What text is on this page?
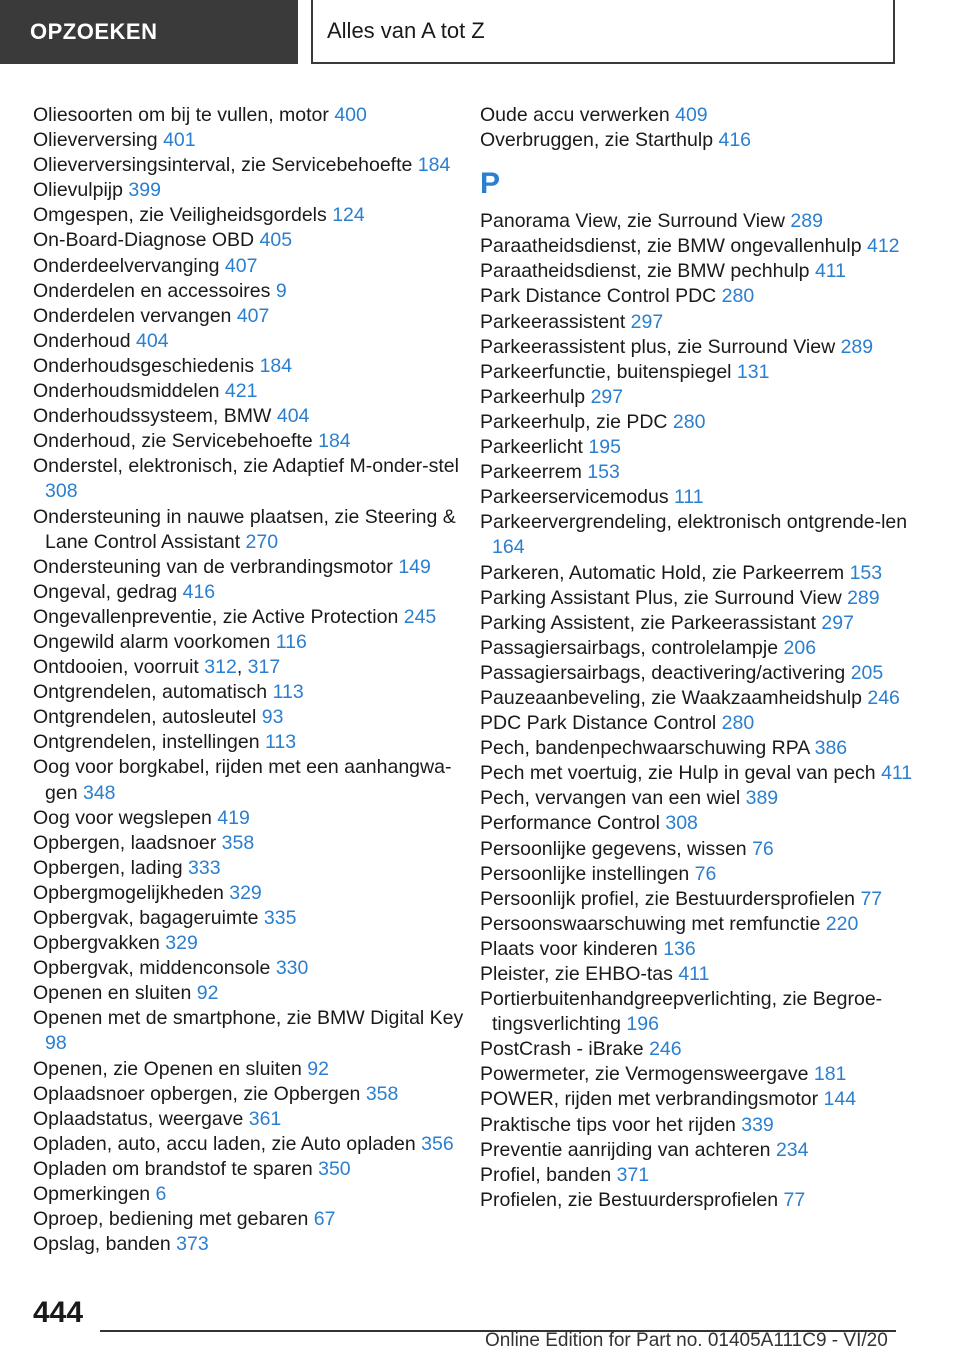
OPZOEKEN	Alles van A tot Z
Oliesoorten om bij te vullen, motor 400
Olieverversing 401
Olieverversingsinterval, zie Servicebehoefte 184
Olievulpijp 399
Omgespen, zie Veiligheidsgordels 124
On-Board-Diagnose OBD 405
Onderdeelvervanging 407
Onderdelen en accessoires 9
Onderdelen vervangen 407
Onderhoud 404
Onderhoudsgeschiedenis 184
Onderhoudsmiddelen 421
Onderhoudssysteem, BMW 404
Onderhoud, zie Servicebehoefte 184
Onderstel, elektronisch, zie Adaptief M-onder-stel 308
Ondersteuning in nauwe plaatsen, zie Steering & Lane Control Assistant 270
Ondersteuning van de verbrandingsmotor 149
Ongeval, gedrag 416
Ongevallenpreventie, zie Active Protection 245
Ongewild alarm voorkomen 116
Ontdooien, voorruit 312, 317
Ontgrendelen, automatisch 113
Ontgrendelen, autosleutel 93
Ontgrendelen, instellingen 113
Oog voor borgkabel, rijden met een aanhangwa-gen 348
Oog voor wegslepen 419
Opbergen, laadsnoer 358
Opbergen, lading 333
Opbergmogelijkheden 329
Opbergvak, bagageruimte 335
Opbergvakken 329
Opbergvak, middenconsole 330
Openen en sluiten 92
Openen met de smartphone, zie BMW Digital Key 98
Openen, zie Openen en sluiten 92
Oplaadsnoer opbergen, zie Opbergen 358
Oplaadstatus, weergave 361
Opladen, auto, accu laden, zie Auto opladen 356
Opladen om brandstof te sparen 350
Opmerkingen 6
Oproep, bediening met gebaren 67
Opslag, banden 373
Oude accu verwerken 409
Overbruggen, zie Starthulp 416
P
Panorama View, zie Surround View 289
Paraatheidsdienst, zie BMW ongevallenhulp 412
Paraatheidsdienst, zie BMW pechhulp 411
Park Distance Control PDC 280
Parkeerassistent 297
Parkeerassistent plus, zie Surround View 289
Parkeerfunctie, buitenspiegel 131
Parkeerhulp 297
Parkeerhulp, zie PDC 280
Parkeerlicht 195
Parkeerrem 153
Parkeerservicemodus 111
Parkeervergrendeling, elektronisch ontgrende-len 164
Parkeren, Automatic Hold, zie Parkeerrem 153
Parking Assistant Plus, zie Surround View 289
Parking Assistent, zie Parkeerassistant 297
Passagiersairbags, controlelampje 206
Passagiersairbags, deactivering/activering 205
Pauzeaanbeveling, zie Waakzaamheidshulp 246
PDC Park Distance Control 280
Pech, bandenpechwaarschuwing RPA 386
Pech met voertuig, zie Hulp in geval van pech 411
Pech, vervangen van een wiel 389
Performance Control 308
Persoonlijke gegevens, wissen 76
Persoonlijke instellingen 76
Persoonlijk profiel, zie Bestuurdersprofielen 77
Persoonswaarschuwing met remfunctie 220
Plaats voor kinderen 136
Pleister, zie EHBO-tas 411
Portierbuitenhandgreepverlichting, zie Begroe-tingsverlichting 196
PostCrash - iBrake 246
Powermeter, zie Vermogensweergave 181
POWER, rijden met verbrandingsmotor 144
Praktische tips voor het rijden 339
Preventie aanrijding van achteren 234
Profiel, banden 371
Profielen, zie Bestuurdersprofielen 77
444
Online Edition for Part no. 01405A111C9 - VI/20
